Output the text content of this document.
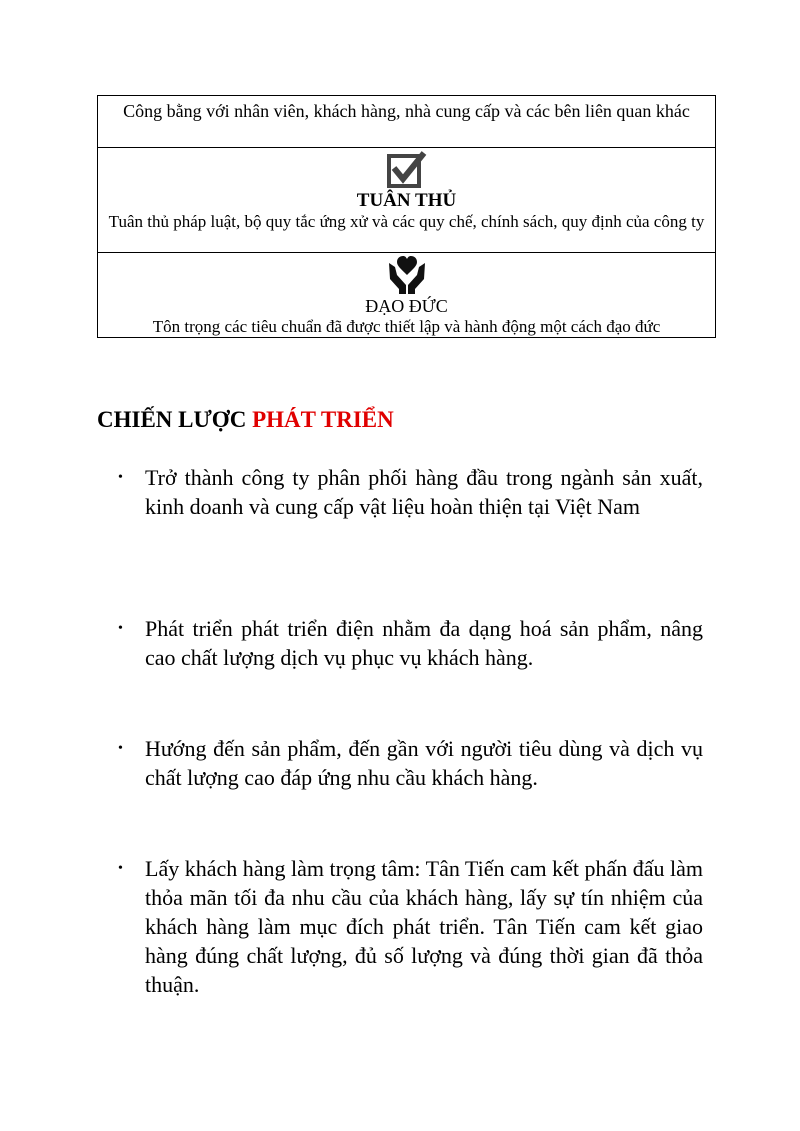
Công bằng với nhân viên, khách hàng, nhà cung cấp và các bên liên quan khác

TUÂN THỦ
Tuân thủ pháp luật, bộ quy tắc ứng xử và các quy chế, chính sách, quy định của công ty

ĐẠO ĐỨC
Tôn trọng các tiêu chuẩn đã được thiết lập và hành động một cách đạo đức
CHIẾN LƯỢC PHÁT TRIỂN

• Trở thành công ty phân phối hàng đầu trong ngành sản xuất, kinh doanh và cung cấp vật liệu hoàn thiện tại Việt Nam

• Phát triển phát triển điện nhằm đa dạng hoá sản phẩm, nâng cao chất lượng dịch vụ phục vụ khách hàng.

• Hướng đến sản phẩm, đến gần với người tiêu dùng và dịch vụ chất lượng cao đáp ứng nhu cầu khách hàng.

• Lấy khách hàng làm trọng tâm: Tân Tiến cam kết phấn đấu làm thỏa mãn tối đa nhu cầu của khách hàng, lấy sự tín nhiệm của khách hàng làm mục đích phát triển. Tân Tiến cam kết giao hàng đúng chất lượng, đủ số lượng và đúng thời gian đã thỏa thuận.
